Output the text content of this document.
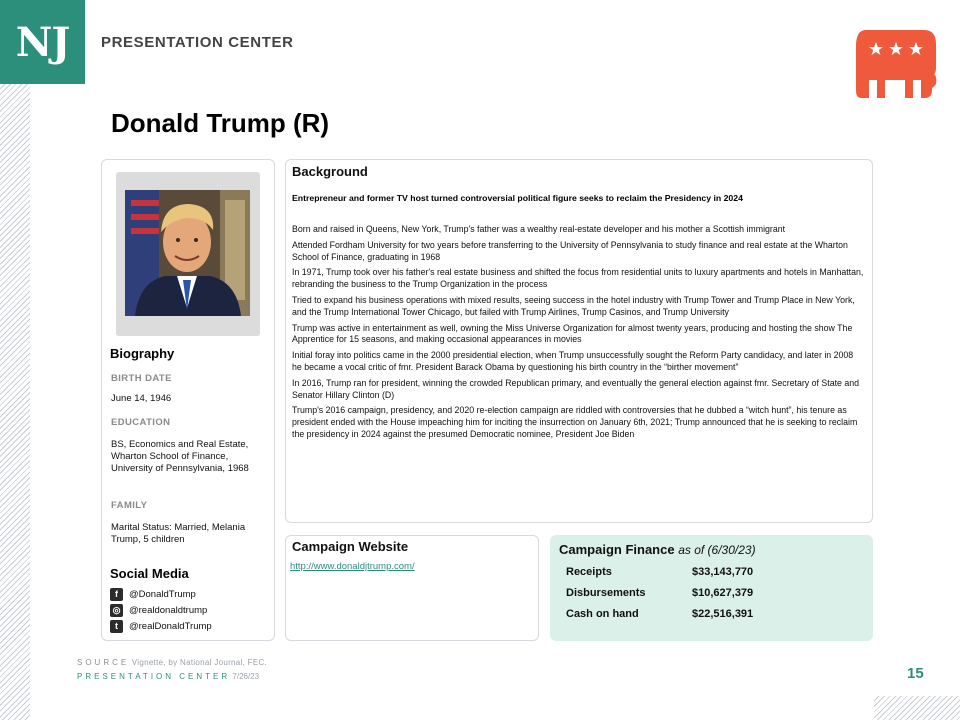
NJ PRESENTATION CENTER
Donald Trump (R)
Biography
BIRTH DATE
June 14, 1946
EDUCATION
BS, Economics and Real Estate, Wharton School of Finance, University of Pennsylvania, 1968
FAMILY
Marital Status: Married, Melania Trump, 5 children
Social Media
f	@DonaldTrump
◎ @realdonaldtrump
t	@realDonaldTrump
Background
Entrepreneur and former TV host turned controversial political figure seeks to reclaim the Presidency in 2024

Born and raised in Queens, New York, Trump's father was a wealthy real-estate developer and his mother a Scottish immigrant

Attended Fordham University for two years before transferring to the University of Pennsylvania to study finance and real estate at the Wharton School of Finance, graduating in 1968

In 1971, Trump took over his father's real estate business and shifted the focus from residential units to luxury apartments and hotels in Manhattan, rebranding the business to the Trump Organization in the process

Tried to expand his business operations with mixed results, seeing success in the hotel industry with Trump Tower and Trump Place in New York, and the Trump International Tower Chicago, but failed with Trump Airlines, Trump Casinos, and Trump University

Trump was active in entertainment as well, owning the Miss Universe Organization for almost twenty years, producing and hosting the show The Apprentice for 15 seasons, and making occasional appearances in movies

Initial foray into politics came in the 2000 presidential election, when Trump unsuccessfully sought the Reform Party candidacy, and later in 2008 he became a vocal critic of fmr. President Barack Obama by questioning his birth country in the “birther movement”

In 2016, Trump ran for president, winning the crowded Republican primary, and eventually the general election against fmr. Secretary of State and Senator Hillary Clinton (D)

Trump's 2016 campaign, presidency, and 2020 re-election campaign are riddled with controversies that he dubbed a “witch hunt”, his tenure as president ended with the House impeaching him for inciting the insurrection on January 6th, 2021; Trump announced that he is seeking to reclaim the presidency in 2024 against the presumed Democratic nominee, President Joe Biden

Campaign Website
http://www.donaldjtrump.com/
Campaign Finance as of (6/30/23)
Receipts	$33,143,770
Disbursements	$10,627,379
Cash on hand	$22,516,391
SOURCE Vignette, by National Journal, FEC.
PRESENTATION CENTER 7/26/23	15
